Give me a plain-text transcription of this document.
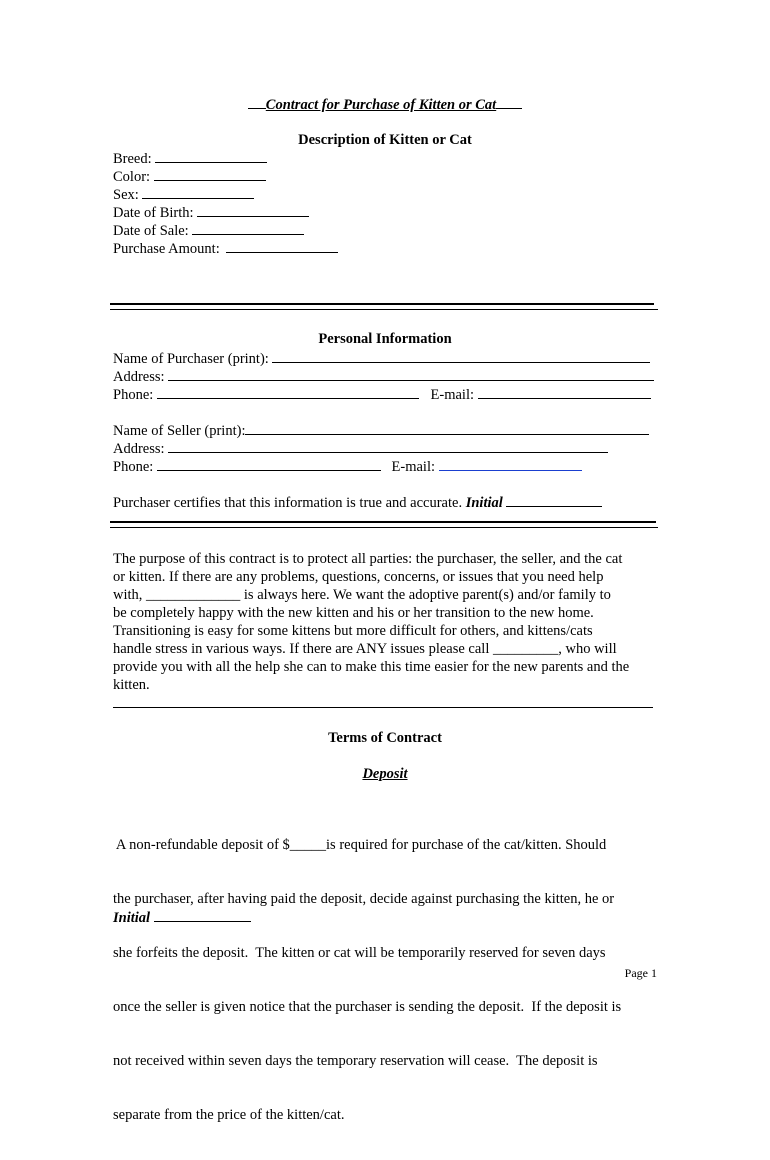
Contract for Purchase of Kitten or Cat
Description of Kitten or Cat
Breed:
Color:
Sex:
Date of Birth:
Date of Sale:
Purchase Amount:
Personal Information
Name of Purchaser (print):
Address:
Phone:	E-mail:
Name of Seller (print):
Address:
Phone:	E-mail:
Purchaser certifies that this information is true and accurate. Initial
The purpose of this contract is to protect all parties: the purchaser, the seller, and the cat
or kitten. If there are any problems, questions, concerns, or issues that you need help
with, _____________ is always here. We want the adoptive parent(s) and/or family to
be completely happy with the new kitten and his or her transition to the new home.
Transitioning is easy for some kittens but more difficult for others, and kittens/cats
handle stress in various ways. If there are ANY issues please call _________, who will
provide you with all the help she can to make this time easier for the new parents and the
kitten.
Terms of Contract
Deposit

A non-refundable deposit of $_____is required for purchase of the cat/kitten. Should

the purchaser, after having paid the deposit, decide against purchasing the kitten, he or

she forfeits the deposit.  The kitten or cat will be temporarily reserved for seven days

once the seller is given notice that the purchaser is sending the deposit.  If the deposit is

not received within seven days the temporary reservation will cease.  The deposit is

separate from the price of the kitten/cat.

Initial
Page 1
